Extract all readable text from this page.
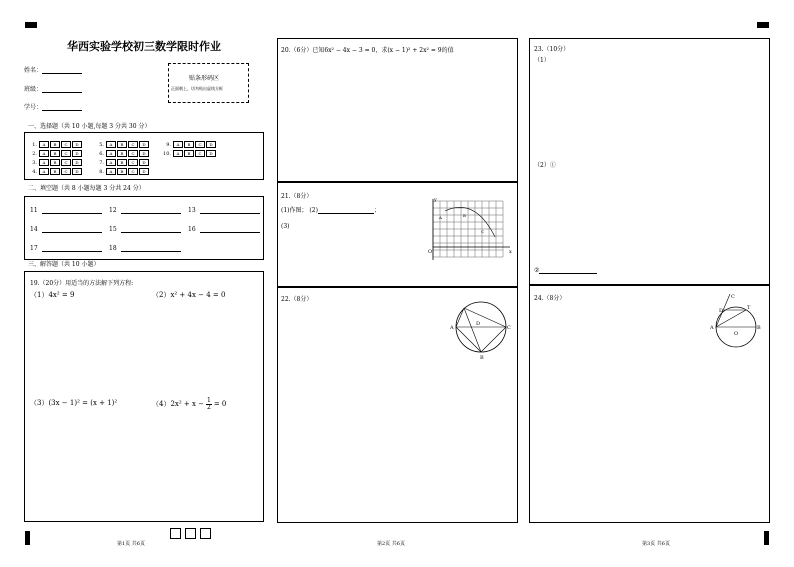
华西实验学校初三数学限时作业
姓名：
班级：
学号：
贴条形码区
正面朝上，切勿贴出虚线方框
一、选择题（共 10 小题,每题 3 分共 30 分）
1.	A	B	C	D
2.	A	B	C	D
3.	A	B	C	D
4.	A	B	C	D
5.	A	B	C	D
6.	A	B	C	D
7.	A	B	C	D
8.	A	B	C	D
9.	A	B	C	D
10.	A	B	C	D
二、填空题（共 8 小题每题 3 分共 24 分）
11	12	13
14	15	16
17	18
三、解答题（共 10 小题）
19.（20分）用适当的方法解下列方程:
（1）4x² = 9	（2）x² + 4x − 4 = 0
（3）(3x − 1)² = (x + 1)²	$(4)2x^2 + x - \frac{1}{2} = 0$
第1页 共6页
20.（6分）已知6x² − 4x − 3 = 0，求(x − 1)² + 2x² = 9的值
21.（8分）
(1)作图； (2)	；
(3)
y
x
O
A	B
C
22.（8分）
A	C
B
D
第2页 共6页
23.（10分）
（1）
（2）①
②
24.（8分）
A	B
D	T
O
C
第3页 共6页
